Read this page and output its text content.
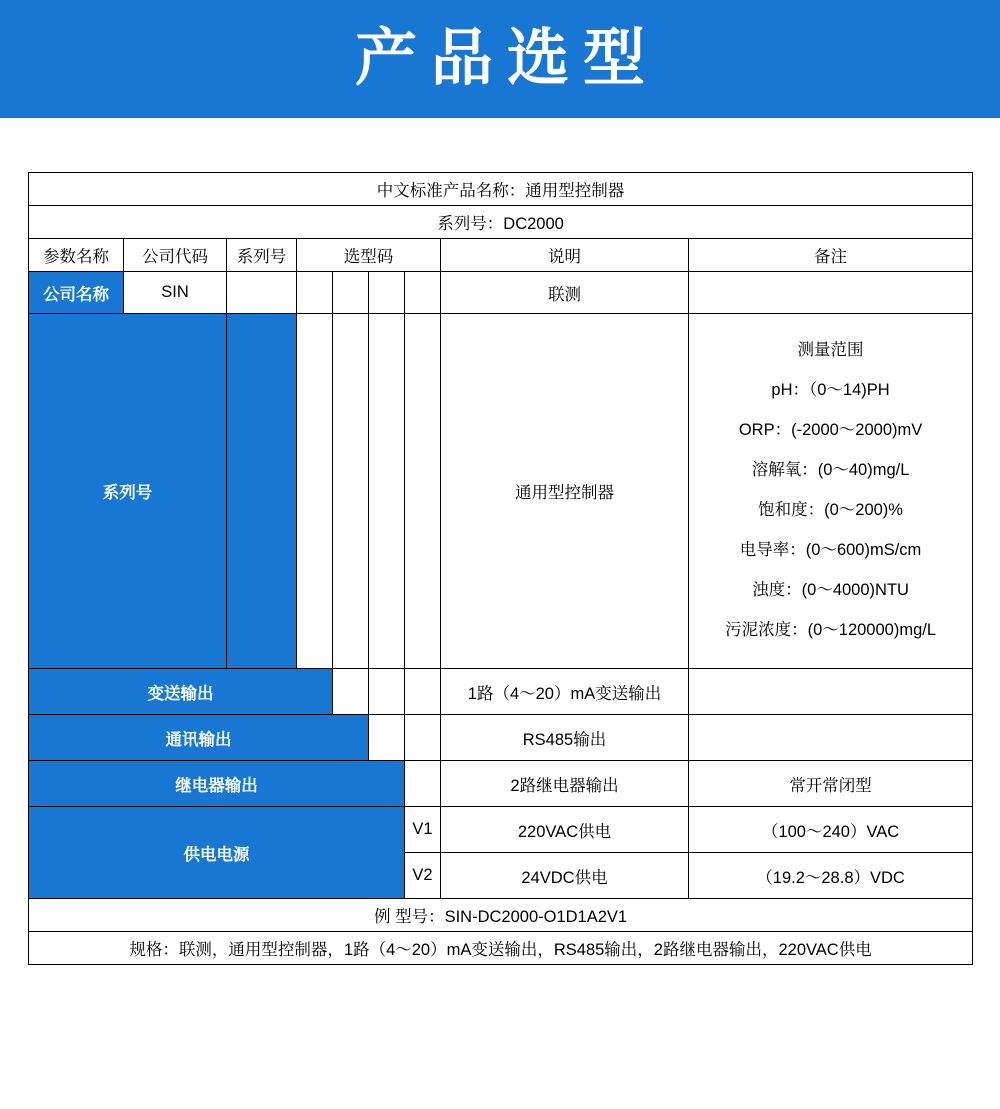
产品选型
中文标准产品名称：通用型控制器								
系列号：DC2000								
参数名称	公司代码	系列号	选型码				说明	备注
公司名称	SIN						联测	
系列号						通用型控制器	
测量范围
pH：（0～14)PH
ORP：(-2000～2000)mV
溶解氧：(0～40)mg/L
饱和度：(0～200)%
电导率：(0～600)mS/cm
浊度：(0～4000)NTU
污泥浓度：(0～120000)mg/L

变送输出							1路（4～20）mA变送输出	
通讯输出							RS485输出	
继电器输出							2路继电器输出	常开常闭型
供电电源						V1	220VAC供电	（100～240）VAC
						V2	24VDC供电	（19.2～28.8）VDC
例 型号：SIN-DC2000-O1D1A2V1								
规格：联测，通用型控制器，1路（4～20）mA变送输出，RS485输出，2路继电器输出，220VAC供电								
